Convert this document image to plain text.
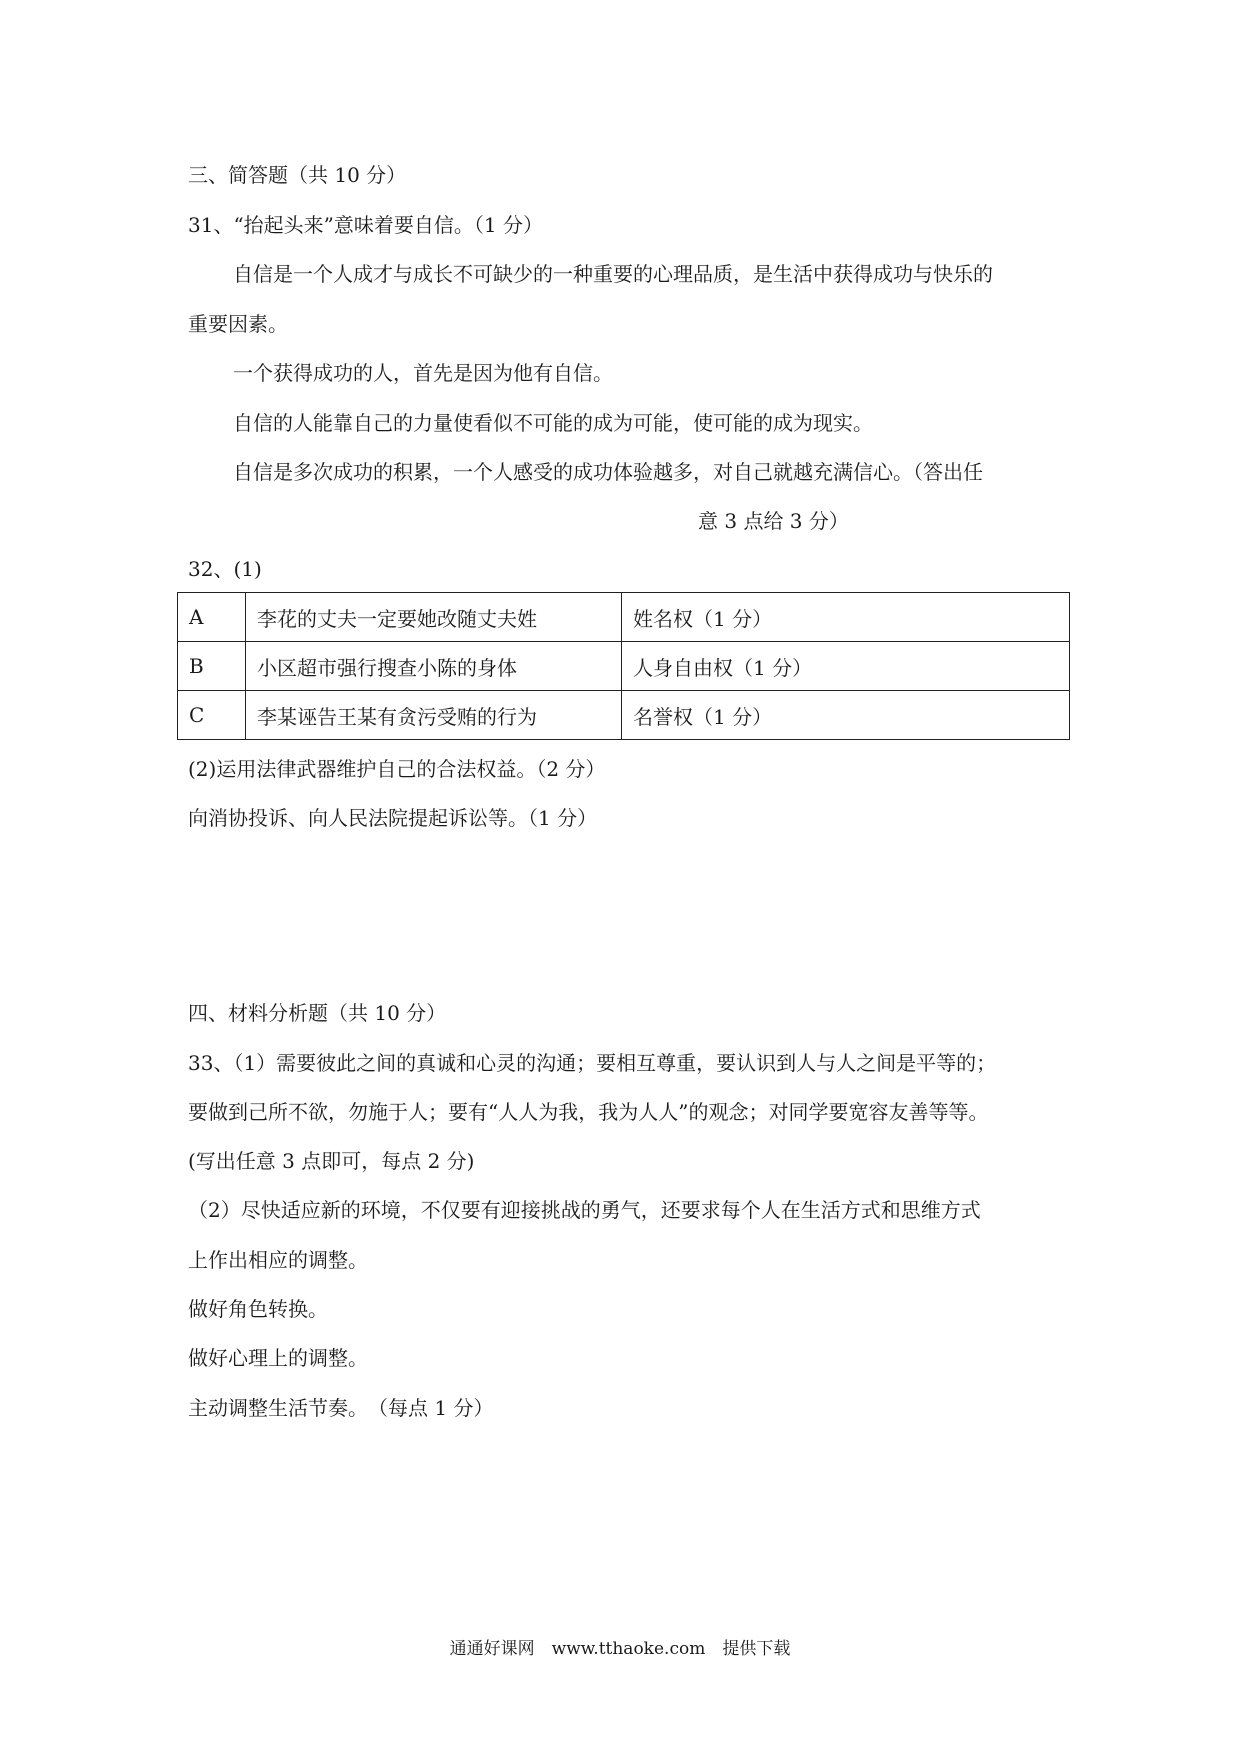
三、简答题（共 10 分）

31、“抬起头来”意味着要自信。（1 分）

自信是一个人成才与成长不可缺少的一种重要的心理品质，是生活中获得成功与快乐的

重要因素。

一个获得成功的人，首先是因为他有自信。

自信的人能靠自己的力量使看似不可能的成为可能，使可能的成为现实。

自信是多次成功的积累，一个人感受的成功体验越多，对自己就越充满信心。（答出任

意 3 点给 3 分）

32、(1)

A	李花的丈夫一定要她改随丈夫姓	姓名权（1 分）
B	小区超市强行搜查小陈的身体	人身自由权（1 分）
C	李某诬告王某有贪污受贿的行为	名誉权（1 分）

(2)运用法律武器维护自己的合法权益。（2 分）

向消协投诉、向人民法院提起诉讼等。（1 分）

四、材料分析题（共 10 分）

33、（1）需要彼此之间的真诚和心灵的沟通；要相互尊重，要认识到人与人之间是平等的；

要做到己所不欲，勿施于人；要有“人人为我，我为人人”的观念；对同学要宽容友善等等。

(写出任意 3 点即可，每点 2 分)

（2）尽快适应新的环境，不仅要有迎接挑战的勇气，还要求每个人在生活方式和思维方式

上作出相应的调整。

做好角色转换。

做好心理上的调整。

主动调整生活节奏。　（每点 1 分）

通通好课网　www.tthaoke.com　提供下载
